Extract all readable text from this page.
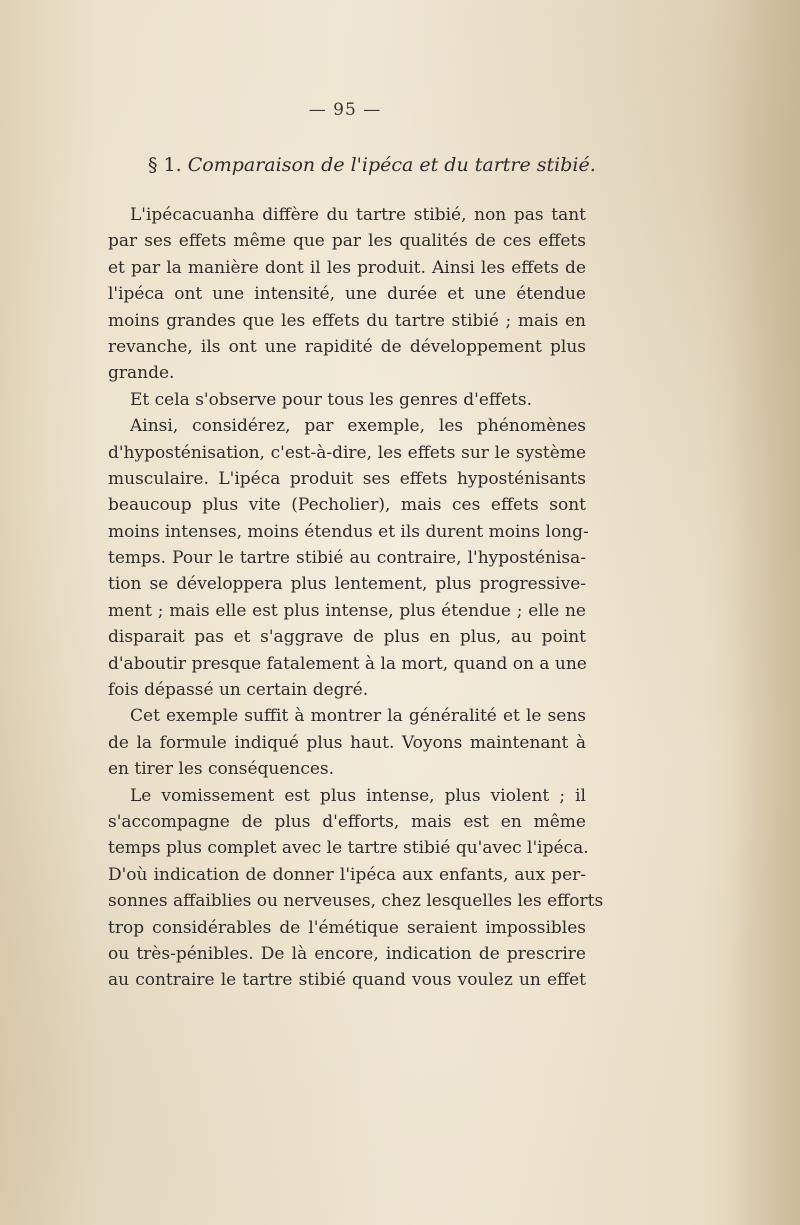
— 95 —
§ 1. Comparaison de l'ipéca et du tartre stibié.
L'ipécacuanha diffère du tartre stibié, non pas tant
par ses effets même que par les qualités de ces effets
et par la manière dont il les produit. Ainsi les effets de
l'ipéca ont une intensité, une durée et une étendue
moins grandes que les effets du tartre stibié ; mais en
revanche, ils ont une rapidité de développement plus
grande.
Et cela s'observe pour tous les genres d'effets.
Ainsi, considérez, par exemple, les phénomènes
d'hyposténisation, c'est-à-dire, les effets sur le système
musculaire. L'ipéca produit ses effets hyposténisants
beaucoup plus vite (Pecholier), mais ces effets sont
moins intenses, moins étendus et ils durent moins long-
temps. Pour le tartre stibié au contraire, l'hyposténisa-
tion se développera plus lentement, plus progressive-
ment ; mais elle est plus intense, plus étendue ; elle ne
disparait pas et s'aggrave de plus en plus, au point
d'aboutir presque fatalement à la mort, quand on a une
fois dépassé un certain degré.
Cet exemple suffit à montrer la généralité et le sens
de la formule indiqué plus haut. Voyons maintenant à
en tirer les conséquences.
Le vomissement est plus intense, plus violent ; il
s'accompagne de plus d'efforts, mais est en même
temps plus complet avec le tartre stibié qu'avec l'ipéca.
D'où indication de donner l'ipéca aux enfants, aux per-
sonnes affaiblies ou nerveuses, chez lesquelles les efforts
trop considérables de l'émétique seraient impossibles
ou très-pénibles. De là encore, indication de prescrire
au contraire le tartre stibié quand vous voulez un effet
